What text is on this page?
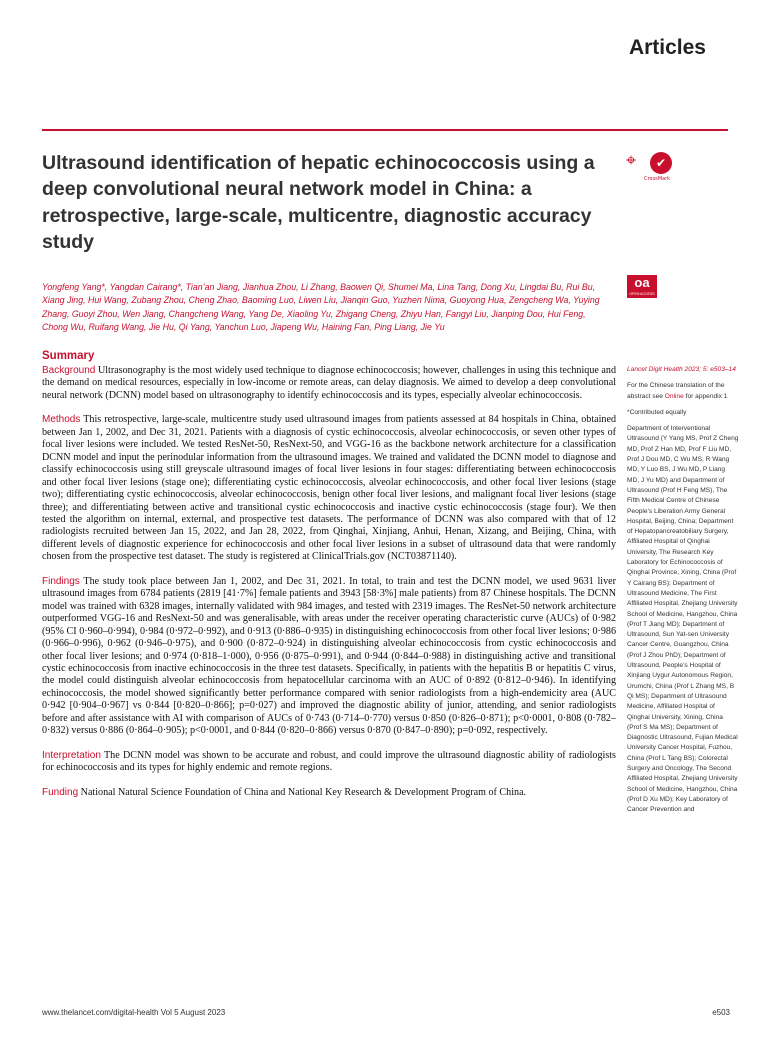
Articles
Ultrasound identification of hepatic echinococcosis using a deep convolutional neural network model in China: a retrospective, large-scale, multicentre, diagnostic accuracy study
⌖	✔
CrossMark
oa
OPEN ACCESS

Yongfeng Yang*, Yangdan Cairang*, Tian’an Jiang, Jianhua Zhou, Li Zhang, Baowen Qi, Shumei Ma, Lina Tang, Dong Xu, Lingdai Bu, Rui Bu, Xiang Jing, Hui Wang, Zubang Zhou, Cheng Zhao, Baoming Luo, Liwen Liu, Jianqin Guo, Yuzhen Nima, Guoyong Hua, Zengcheng Wa, Yuying Zhang, Guoyi Zhou, Wen Jiang, Changcheng Wang, Yang De, Xiaoling Yu, Zhigang Cheng, Zhiyu Han, Fangyi Liu, Jianping Dou, Hui Feng, Chong Wu, Ruifang Wang, Jie Hu, Qi Yang, Yanchun Luo, Jiapeng Wu, Haining Fan, Ping Liang, Jie Yu

Summary

Background Ultrasonography is the most widely used technique to diagnose echinococcosis; however, challenges in using this technique and the demand on medical resources, especially in low-income or remote areas, can delay diagnosis. We aimed to develop a deep convolutional neural network (DCNN) model based on ultrasonography to identify echinococcosis and its types, especially alveolar echinococcosis.

Methods This retrospective, large-scale, multicentre study used ultrasound images from patients assessed at 84 hospitals in China, obtained between Jan 1, 2002, and Dec 31, 2021. Patients with a diagnosis of cystic echinococcosis, alveolar echinococcosis, or seven other types of focal liver lesions were included. We tested ResNet-50, ResNext-50, and VGG-16 as the backbone network architecture for a classification DCNN model and input the perinodular information from the ultrasound images. We trained and validated the DCNN model to diagnose and classify echinococcosis using still greyscale ultrasound images of focal liver lesions in four stages: differentiating between echinococcosis and other focal liver lesions (stage one); differentiating cystic echinococcosis, alveolar echinococcosis, and other focal liver lesions (stage two); differentiating cystic echinococcosis, alveolar echinococcosis, benign other focal liver lesions, and malignant focal liver lesions (stage three); and differentiating between active and transitional cystic echinococcosis and inactive cystic echinococcosis (stage four). We then tested the algorithm on internal, external, and prospective test datasets. The performance of DCNN was also compared with that of 12 radiologists recruited between Jan 15, 2022, and Jan 28, 2022, from Qinghai, Xinjiang, Anhui, Henan, Xizang, and Beijing, China, with different levels of diagnostic experience for echinococcosis and other focal liver lesions in a subset of ultrasound data that were randomly chosen from the prospective test dataset. The study is registered at ClinicalTrials.gov (NCT03871140).

Findings The study took place between Jan 1, 2002, and Dec 31, 2021. In total, to train and test the DCNN model, we used 9631 liver ultrasound images from 6784 patients (2819 [41·7%] female patients and 3943 [58·3%] male patients) from 87 Chinese hospitals. The DCNN model was trained with 6328 images, internally validated with 984 images, and tested with 2319 images. The ResNet-50 network architecture outperformed VGG-16 and ResNext-50 and was generalisable, with areas under the receiver operating characteristic curve (AUCs) of 0·982 (95% CI 0·960–0·994), 0·984 (0·972–0·992), and 0·913 (0·886–0·935) in distinguishing echinococcosis from other focal liver lesions; 0·986 (0·966–0·996), 0·962 (0·946–0·975), and 0·900 (0·872–0·924) in distinguishing alveolar echinococcosis from cystic echinococcosis and other focal liver lesions; and 0·974 (0·818–1·000), 0·956 (0·875–0·991), and 0·944 (0·844–0·988) in distinguishing active and transitional cystic echinococcosis from inactive echinococcosis in the three test datasets. Specifically, in patients with the hepatitis B or hepatitis C virus, the model could distinguish alveolar echinococcosis from hepatocellular carcinoma with an AUC of 0·892 (0·812–0·946). In identifying echinococcosis, the model showed significantly better performance compared with senior radiologists from a high-endemicity area (AUC 0·942 [0·904–0·967] vs 0·844 [0·820–0·866]; p=0·027) and improved the diagnostic ability of junior, attending, and senior radiologists before and after assistance with AI with comparison of AUCs of 0·743 (0·714–0·770) versus 0·850 (0·826–0·871); p<0·0001, 0·808 (0·782–0·832) versus 0·886 (0·864–0·905); p<0·0001, and 0·844 (0·820–0·866) versus 0·870 (0·847–0·890); p=0·092, respectively.

Interpretation The DCNN model was shown to be accurate and robust, and could improve the ultrasound diagnostic ability of radiologists for echinococcosis and its types for highly endemic and remote regions.

Funding National Natural Science Foundation of China and National Key Research & Development Program of China.

Lancet Digit Health 2023; 5: e503–14

For the Chinese translation of the abstract see Online for appendix 1

*Contributed equally

Department of Interventional Ultrasound (Y Yang MS, Prof Z Cheng MD, Prof Z Han MD, Prof F Liu MD, Prof J Dou MD, C Wu MS, R Wang MD, Y Luo BS, J Wu MD, P Liang MD, J Yu MD) and Department of Ultrasound (Prof H Feng MS), The Fifth Medical Centre of Chinese People’s Liberation Army General Hospital, Beijing, China; Department of Hepatopancreatobiliary Surgery, Affiliated Hospital of Qinghai University, The Research Key Laboratory for Echinococcosis of Qinghai Province, Xining, China (Prof Y Cairang BS); Department of Ultrasound Medicine, The First Affiliated Hospital, Zhejiang University School of Medicine, Hangzhou, China (Prof T Jiang MD); Department of Ultrasound, Sun Yat-sen University Cancer Centre, Guangzhou, China (Prof J Zhou PhD); Department of Ultrasound, People’s Hospital of Xinjiang Uygur Autonomous Region, Urumchi, China (Prof L Zhang MS, B Qi MS); Department of Ultrasound Medicine, Affiliated Hospital of Qinghai University, Xining, China (Prof S Ma MS); Department of Diagnostic Ultrasound, Fujian Medical University Cancer Hospital, Fuzhou, China (Prof L Tang BS); Colorectal Surgery and Oncology, The Second Affiliated Hospital, Zhejiang University School of Medicine, Hangzhou, China (Prof D Xu MD); Key Laboratory of Cancer Prevention and

www.thelancet.com/digital-health Vol 5 August 2023	e503
